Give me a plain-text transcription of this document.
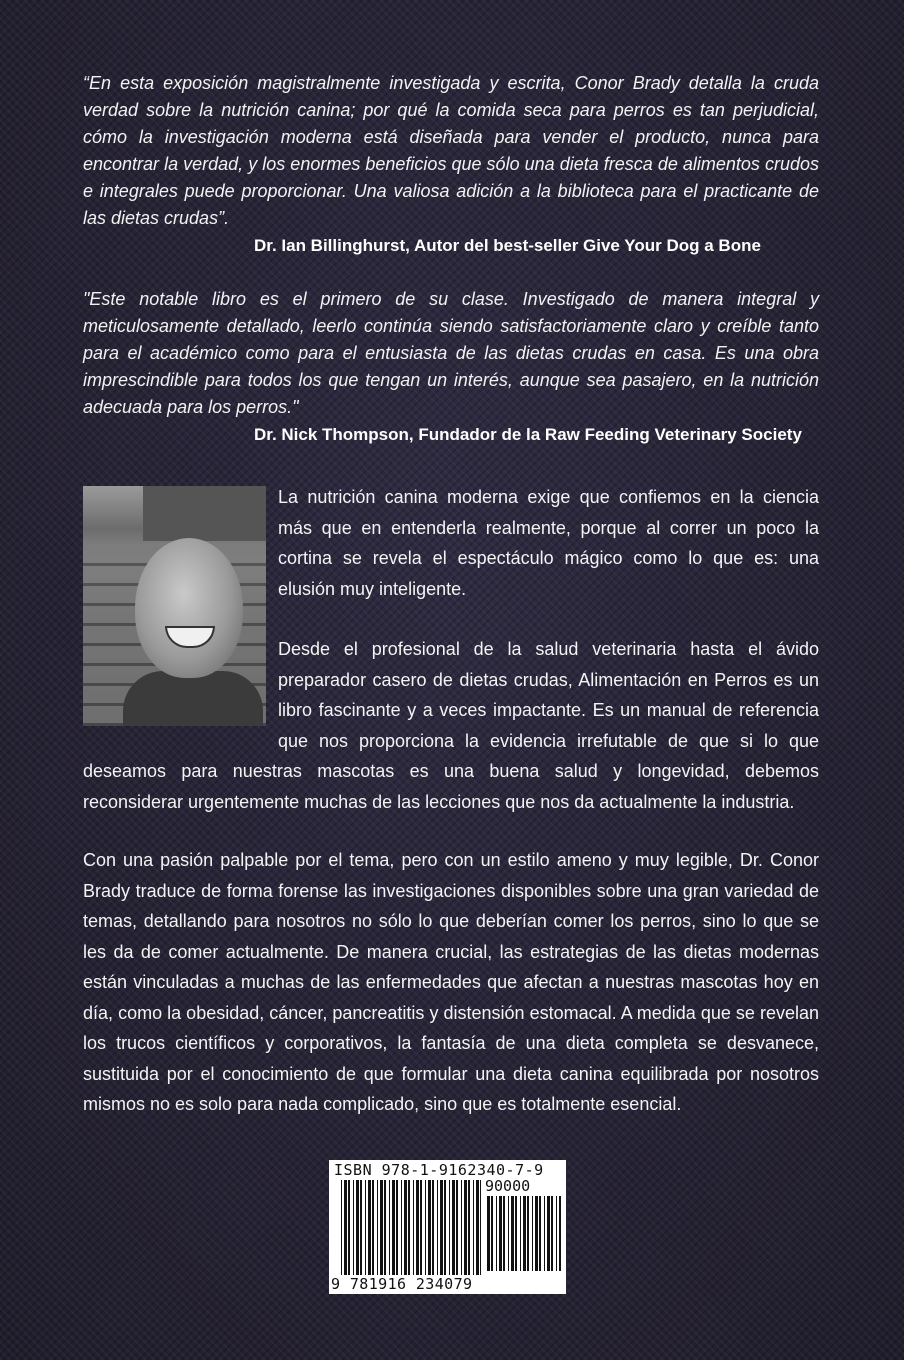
“En esta exposición magistralmente investigada y escrita, Conor Brady detalla la cruda verdad sobre la nutrición canina; por qué la comida seca para perros es tan perjudicial, cómo la investigación moderna está diseñada para vender el producto, nunca para encontrar la verdad, y los enormes beneficios que sólo una dieta fresca de alimentos crudos e integrales puede proporcionar. Una valiosa adición a la biblioteca para el practicante de las dietas crudas”.

Dr. Ian Billinghurst, Autor del best-seller Give Your Dog a Bone

"Este notable libro es el primero de su clase. Investigado de manera integral y meticulosamente detallado, leerlo continúa siendo satisfactoriamente claro y creíble tanto para el académico como para el entusiasta de las dietas crudas en casa. Es una obra imprescindible para todos los que tengan un interés, aunque sea pasajero, en la nutrición adecuada para los perros."

Dr. Nick Thompson, Fundador de la Raw Feeding Veterinary Society

La nutrición canina moderna exige que confiemos en la ciencia más que en entenderla realmente, porque al correr un poco la cortina se revela el espectáculo mágico como lo que es: una elusión muy inteligente.

Desde el profesional de la salud veterinaria hasta el ávido preparador casero de dietas crudas, Alimentación en Perros es un libro fascinante y a veces impactante. Es un manual de referencia que nos proporciona la evidencia irrefutable de que si lo que deseamos para nuestras mascotas es una buena salud y longevidad, debemos reconsiderar urgentemente muchas de las lecciones que nos da actualmente la industria.

Con una pasión palpable por el tema, pero con un estilo ameno y muy legible, Dr. Conor Brady traduce de forma forense las investigaciones disponibles sobre una gran variedad de temas, detallando para nosotros no sólo lo que deberían comer los perros, sino lo que se les da de comer actualmente. De manera crucial, las estrategias de las dietas modernas están vinculadas a muchas de las enfermedades que afectan a nuestras mascotas hoy en día, como la obesidad, cáncer, pancreatitis y distensión estomacal. A medida que se revelan los trucos científicos y corporativos, la fantasía de una dieta completa se desvanece, sustituida por el conocimiento de que formular una dieta canina equilibrada por nosotros mismos no es solo para nada complicado, sino que es totalmente esencial.

ISBN 978-1-9162340-7-9
90000
9 781916 234079
